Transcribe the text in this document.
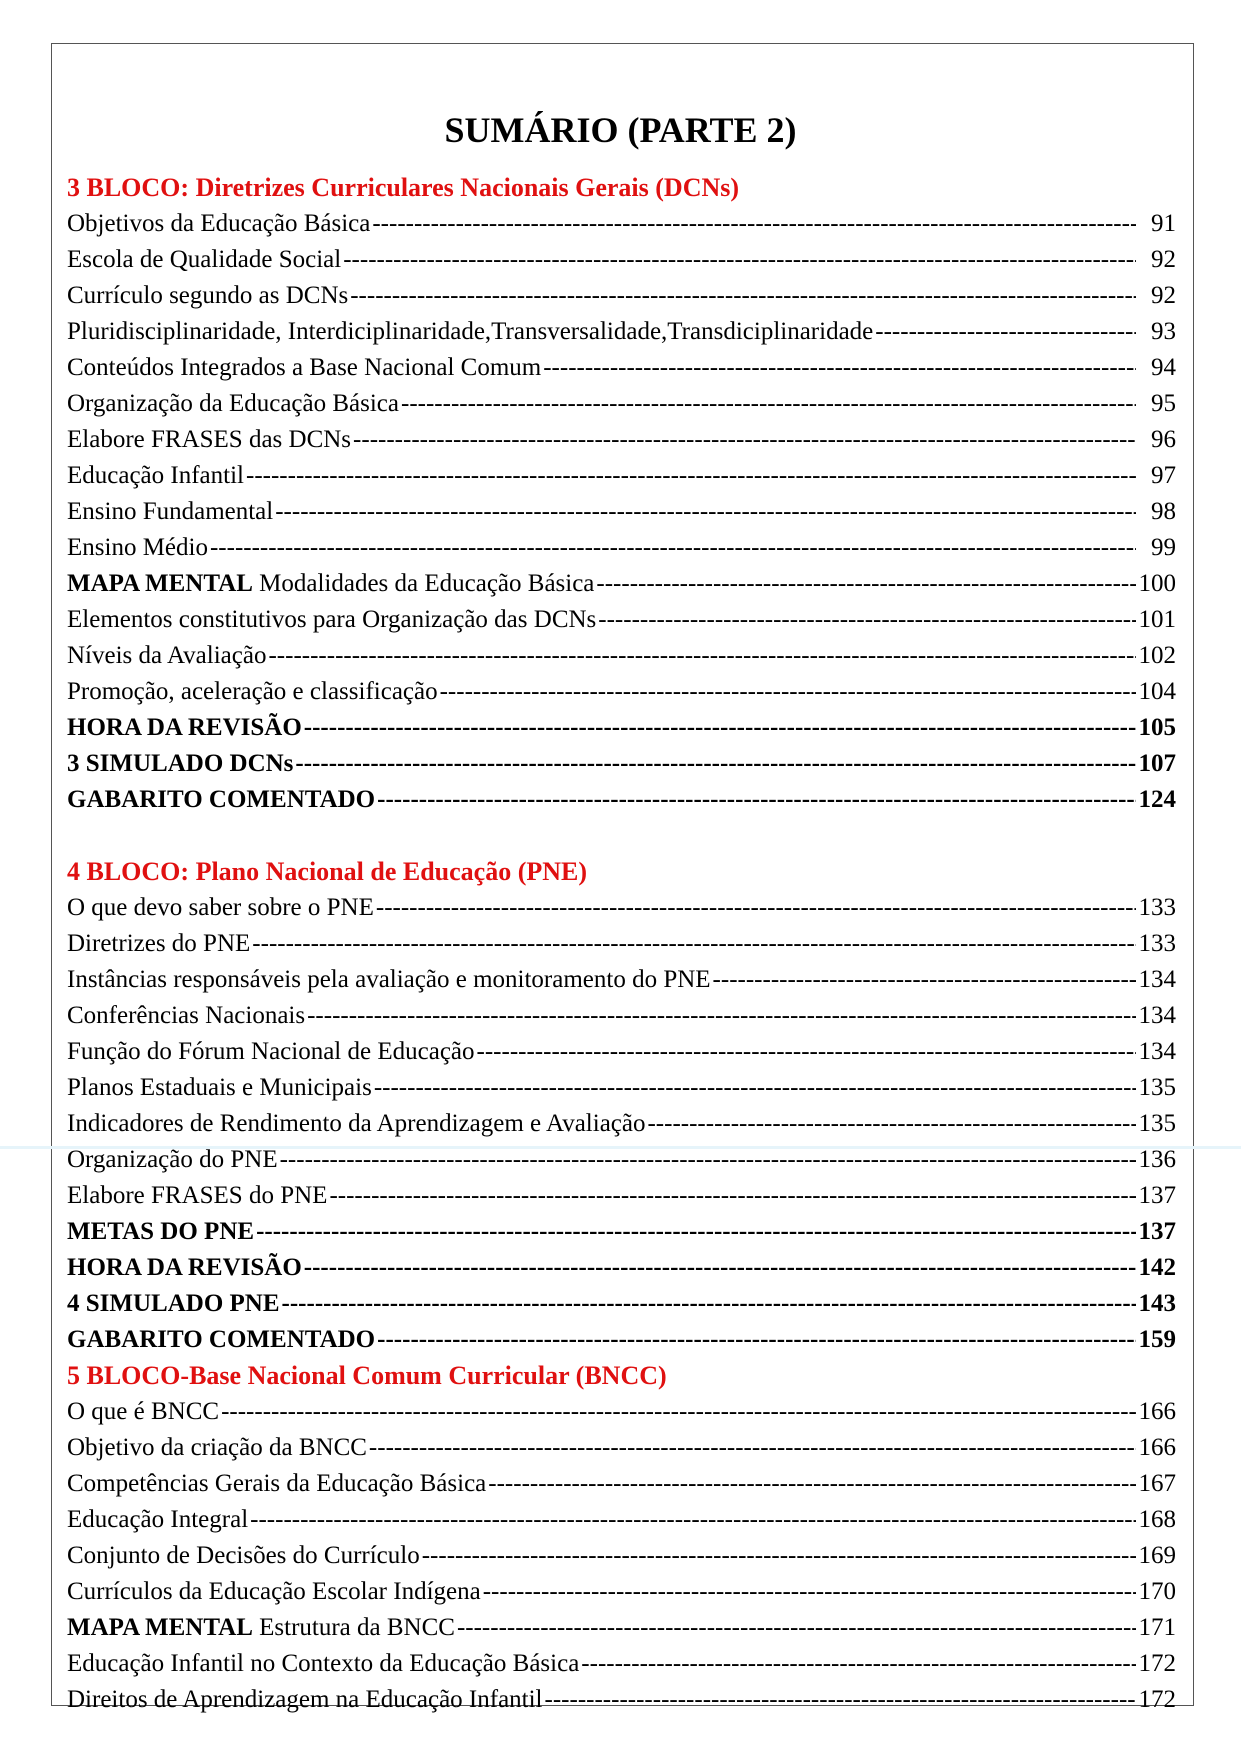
SUMÁRIO (PARTE 2)
3 BLOCO: Diretrizes Curriculares Nacionais Gerais (DCNs)
Objetivos da Educação Básica -----	91
Escola de Qualidade Social -----	92
Currículo segundo as DCNs -----	92
Pluridisciplinaridade, Interdiciplinaridade,Transversalidade,Transdiciplinaridade -----	93
Conteúdos Integrados a Base Nacional Comum -----	94
Organização da Educação Básica -----	95
Elabore FRASES das DCNs -----	96
Educação Infantil -----	97
Ensino Fundamental -----	98
Ensino Médio -----	99
MAPA MENTAL Modalidades da Educação Básica -----	100
Elementos constitutivos para Organização das DCNs -----	101
Níveis da Avaliação -----	102
Promoção, aceleração e classificação -----	104
HORA DA REVISÃO -----	105
3 SIMULADO DCNs -----	107
GABARITO COMENTADO -----	124
4 BLOCO: Plano Nacional de Educação (PNE)
O que devo saber sobre o PNE -----	133
Diretrizes do PNE -----	133
Instâncias responsáveis pela avaliação e monitoramento do PNE -----	134
Conferências Nacionais -----	134
Função do Fórum Nacional de Educação -----	134
Planos Estaduais e Municipais -----	135
Indicadores de Rendimento da Aprendizagem e Avaliação -----	135
Organização do PNE -----	136
Elabore FRASES do PNE -----	137
METAS DO PNE -----	137
HORA DA REVISÃO -----	142
4 SIMULADO PNE -----	143
GABARITO COMENTADO -----	159
5 BLOCO-Base Nacional Comum Curricular (BNCC)
O que é BNCC -----	166
Objetivo da criação da BNCC -----	166
Competências Gerais da Educação Básica -----	167
Educação Integral -----	168
Conjunto de Decisões do Currículo -----	169
Currículos da Educação Escolar Indígena -----	170
MAPA MENTAL Estrutura da BNCC -----	171
Educação Infantil no Contexto da Educação Básica -----	172
Direitos de Aprendizagem na Educação Infantil -----	172
